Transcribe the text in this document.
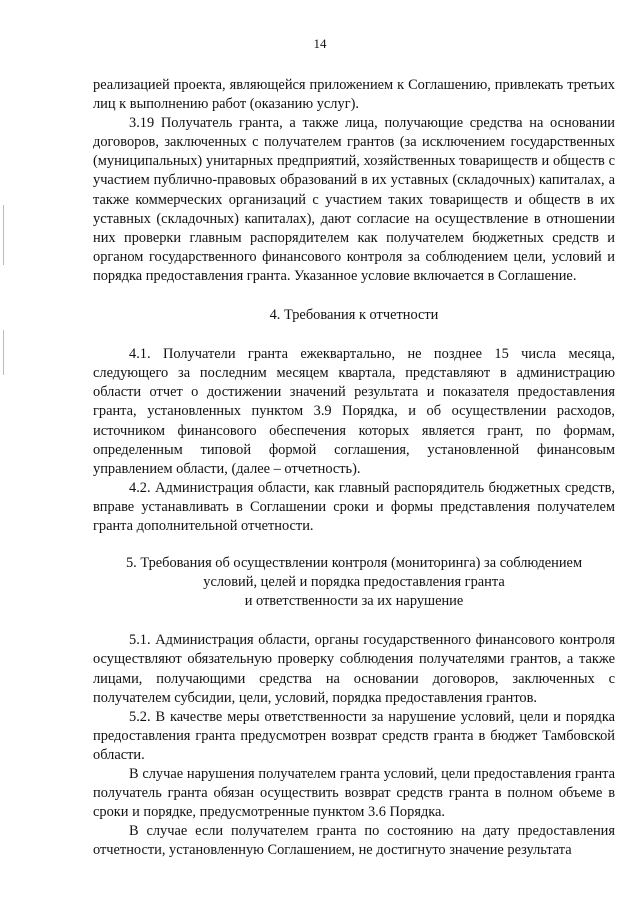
14

реализацией проекта, являющейся приложением к Соглашению, привлекать третьих лиц к выполнению работ (оказанию услуг).

3.19 Получатель гранта, а также лица, получающие средства на основании договоров, заключенных с получателем грантов (за исключением государственных (муниципальных) унитарных предприятий, хозяйственных товариществ и обществ с участием публично-правовых образований в их уставных (складочных) капиталах, а также коммерческих организаций с участием таких товариществ и обществ в их уставных (складочных) капиталах), дают согласие на осуществление в отношении них проверки главным распорядителем как получателем бюджетных средств и органом государственного финансового контроля за соблюдением цели, условий и порядка предоставления гранта. Указанное условие включается в Соглашение.

4. Требования к отчетности

4.1. Получатели гранта ежеквартально, не позднее 15 числа месяца, следующего за последним месяцем квартала, представляют в администрацию области отчет о достижении значений результата и показателя предоставления гранта, установленных пунктом 3.9 Порядка, и об осуществлении расходов, источником финансового обеспечения которых является грант, по формам, определенным типовой формой соглашения, установленной финансовым управлением области, (далее – отчетность).

4.2. Администрация области, как главный распорядитель бюджетных средств, вправе устанавливать в Соглашении сроки и формы представления получателем гранта дополнительной отчетности.

5. Требования об осуществлении контроля (мониторинга) за соблюдением
условий, целей и порядка предоставления гранта
и ответственности за их нарушение

5.1. Администрация области, органы государственного финансового контроля осуществляют обязательную проверку соблюдения получателями грантов, а также лицами, получающими средства на основании договоров, заключенных с получателем субсидии, цели, условий, порядка предоставления грантов.

5.2. В качестве меры ответственности за нарушение условий, цели и порядка предоставления гранта предусмотрен возврат средств гранта в бюджет Тамбовской области.

В случае нарушения получателем гранта условий, цели предоставления гранта получатель гранта обязан осуществить возврат средств гранта в полном объеме в сроки и порядке, предусмотренные пунктом 3.6 Порядка.

В случае если получателем гранта по состоянию на дату предоставления отчетности, установленную Соглашением, не достигнуто значение результата
